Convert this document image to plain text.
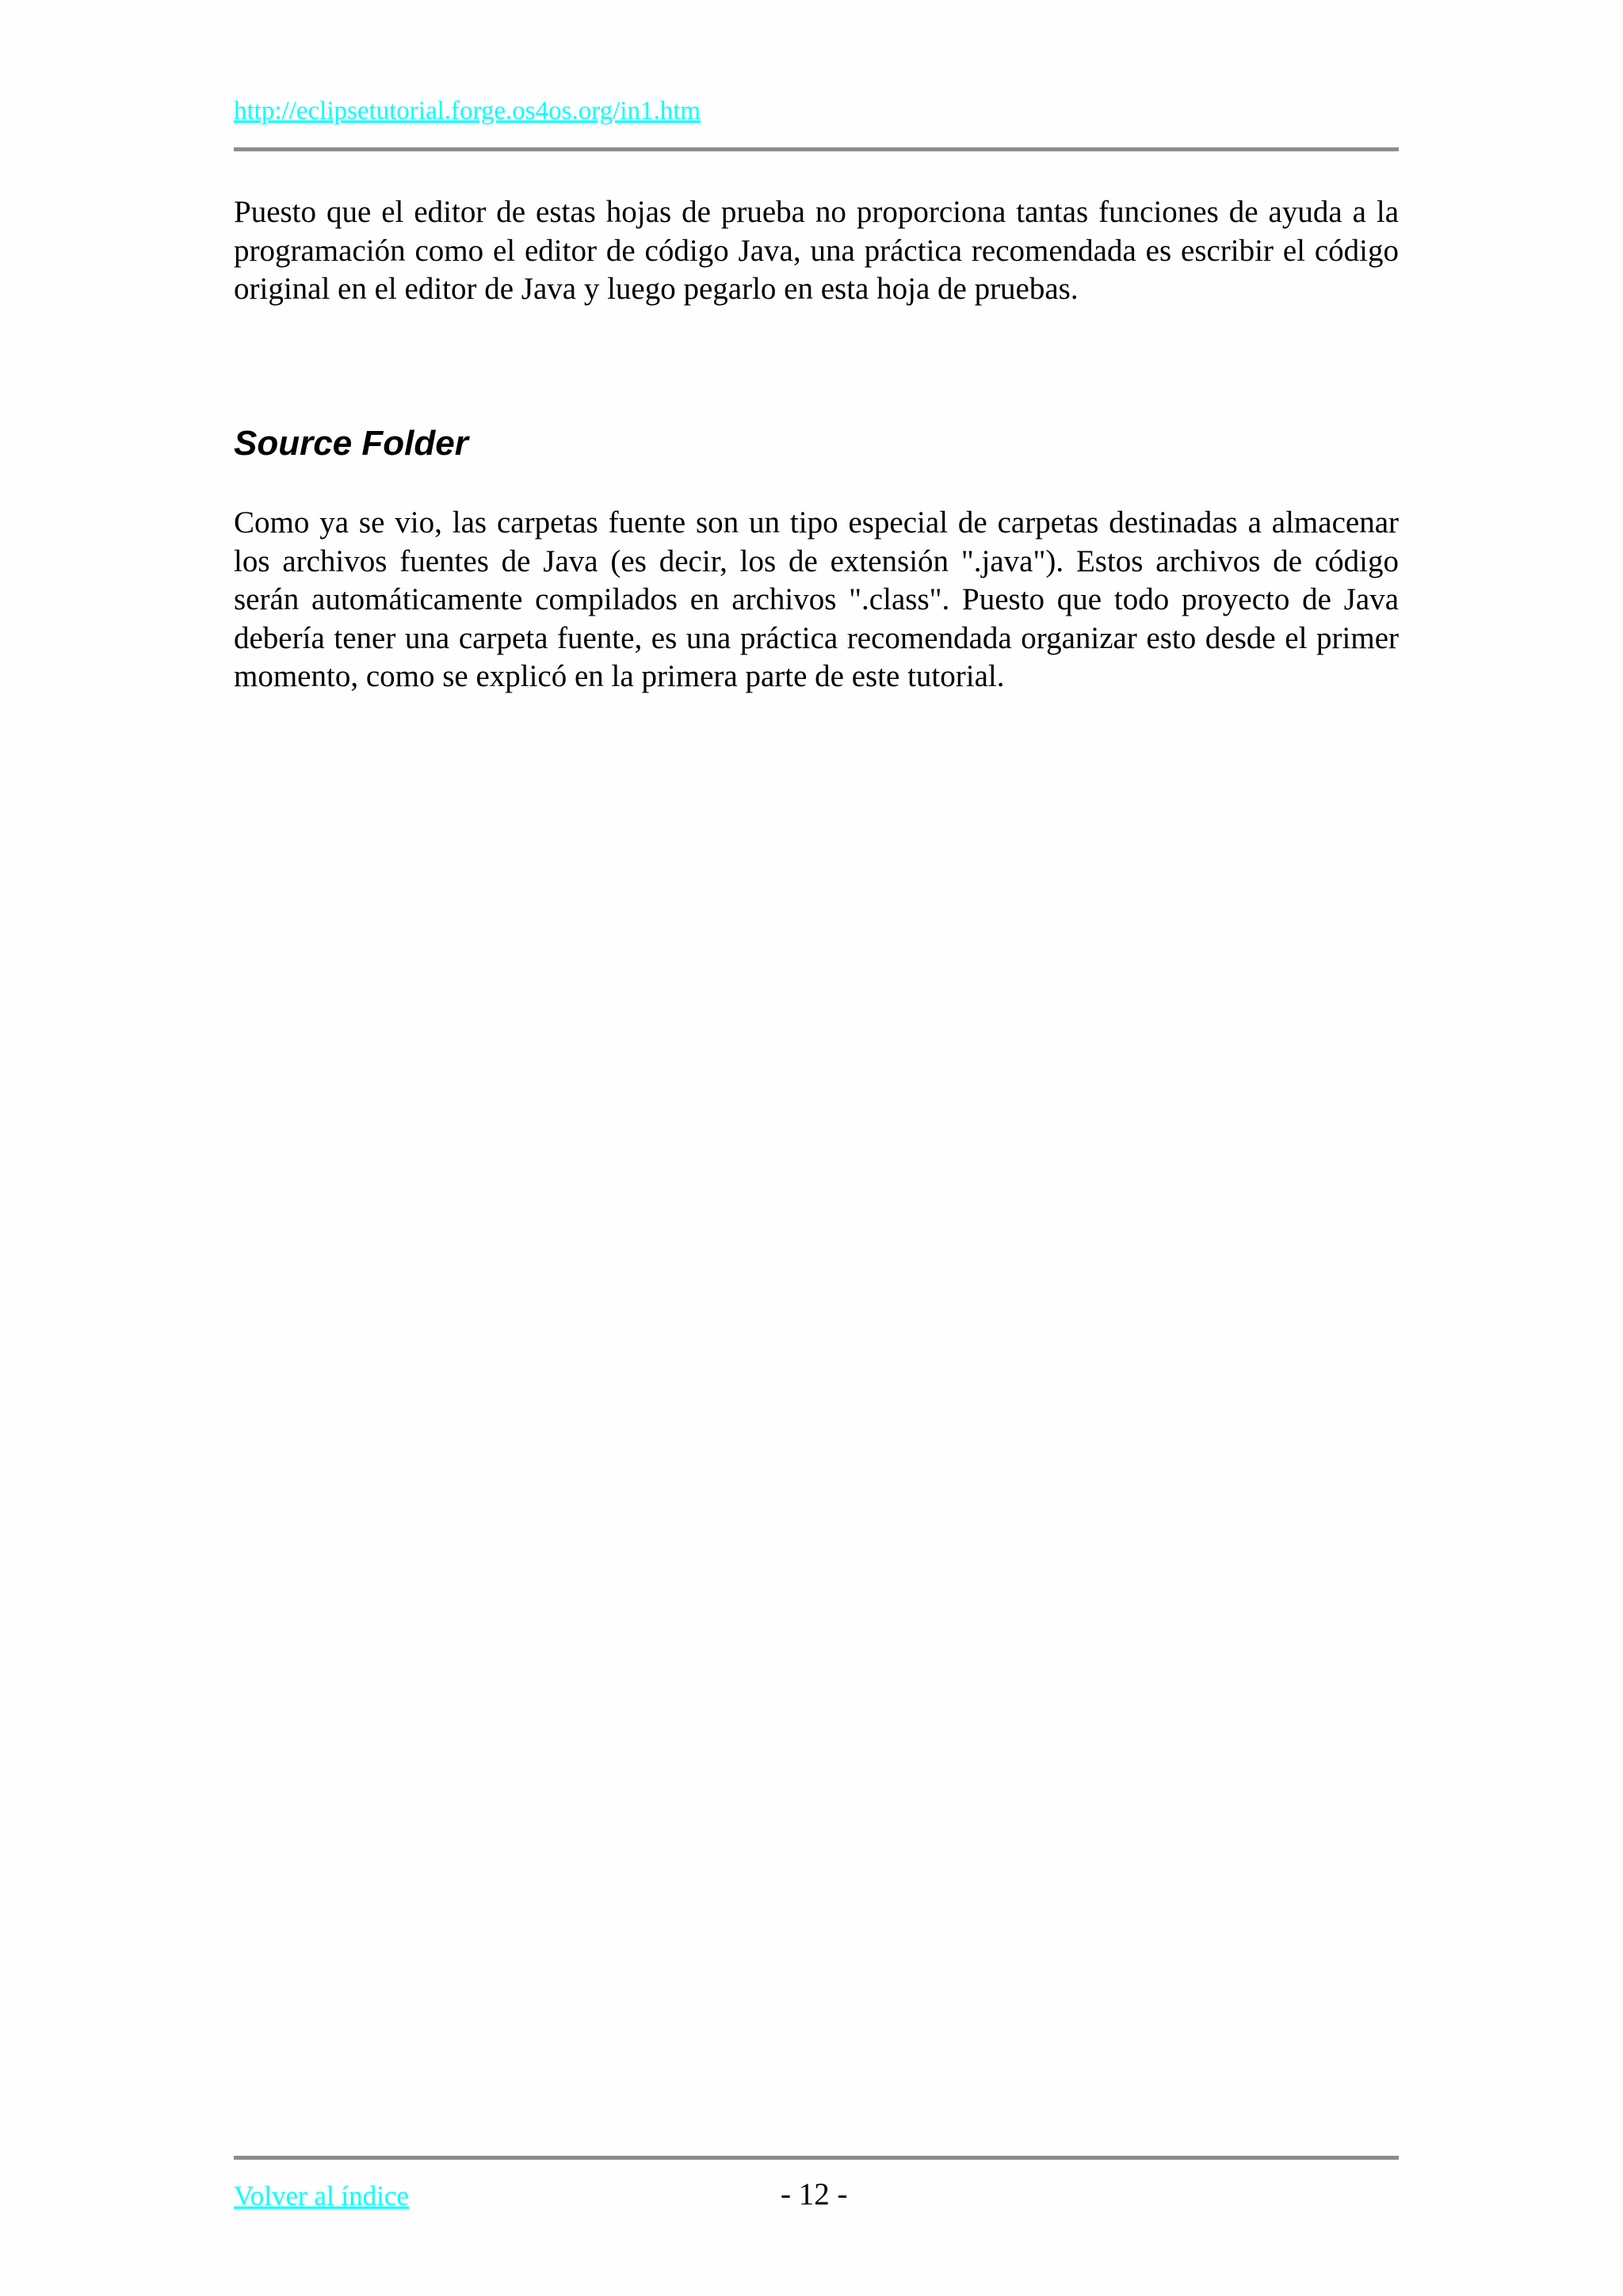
http://eclipsetutorial.forge.os4os.org/in1.htm

Puesto que el editor de estas hojas de prueba no proporciona tantas funciones de ayuda a la programación como el editor de código Java, una práctica recomendada es escribir el código original en el editor de Java y luego pegarlo en esta hoja de pruebas.

Source Folder

Como ya se vio, las carpetas fuente son un tipo especial de carpetas destinadas a almacenar los archivos fuentes de Java (es decir, los de extensión ".java"). Estos archivos de código serán automáticamente compilados en archivos ".class". Puesto que todo proyecto de Java debería tener una carpeta fuente, es una práctica recomendada organizar esto desde el primer momento, como se explicó en la primera parte de este tutorial.

Volver al índice	- 12 -
